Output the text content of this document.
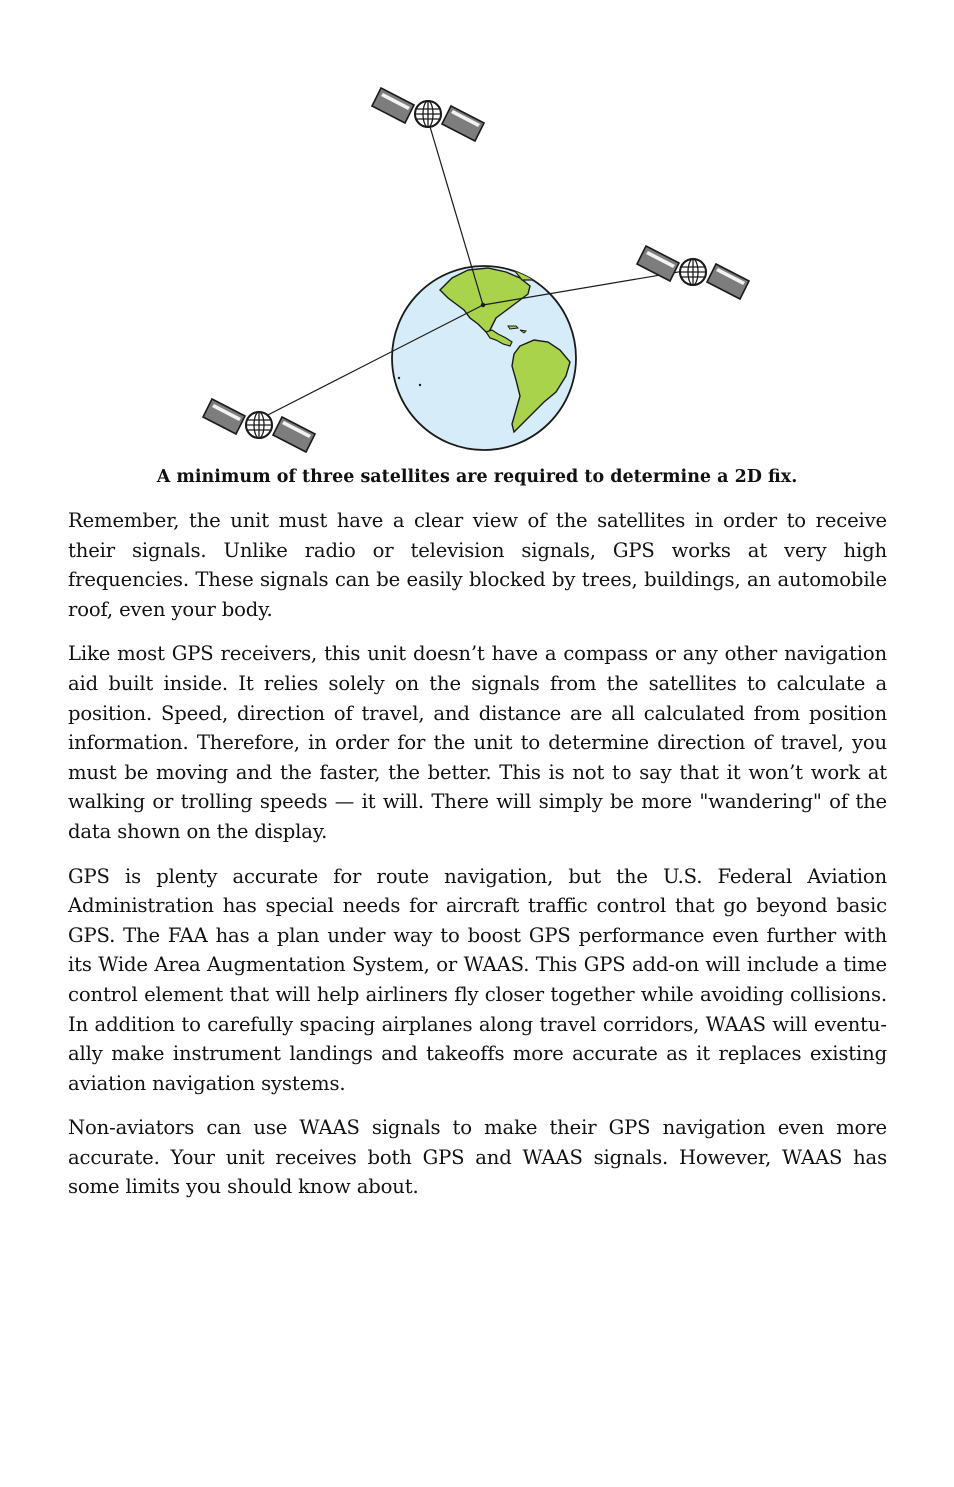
A minimum of three satellites are required to determine a 2D fix.

Remember, the unit must have a clear view of the satellites in order to receive their signals. Unlike radio or television signals, GPS works at very high frequencies. These signals can be easily blocked by trees, buildings, an automobile roof, even your body.

Like most GPS receivers, this unit doesn’t have a compass or any other navigation aid built inside. It relies solely on the signals from the satellites to calculate a position. Speed, direction of travel, and distance are all calculated from position information. Therefore, in order for the unit to determine direction of travel, you must be moving and the faster, the better. This is not to say that it won’t work at walking or trolling speeds — it will. There will simply be more "wandering" of the data shown on the display.

GPS is plenty accurate for route navigation, but the U.S. Federal Aviation Administration has special needs for aircraft traffic control that go beyond basic GPS. The FAA has a plan under way to boost GPS performance even further with its Wide Area Augmentation System, or WAAS. This GPS add-on will include a time control element that will help airliners fly closer together while avoiding collisions. In addition to carefully spacing airplanes along travel corridors, WAAS will eventually make instrument landings and takeoffs more accurate as it replaces existing aviation navigation systems.

Non-aviators can use WAAS signals to make their GPS navigation even more accurate. Your unit receives both GPS and WAAS signals. However, WAAS has some limits you should know about.
